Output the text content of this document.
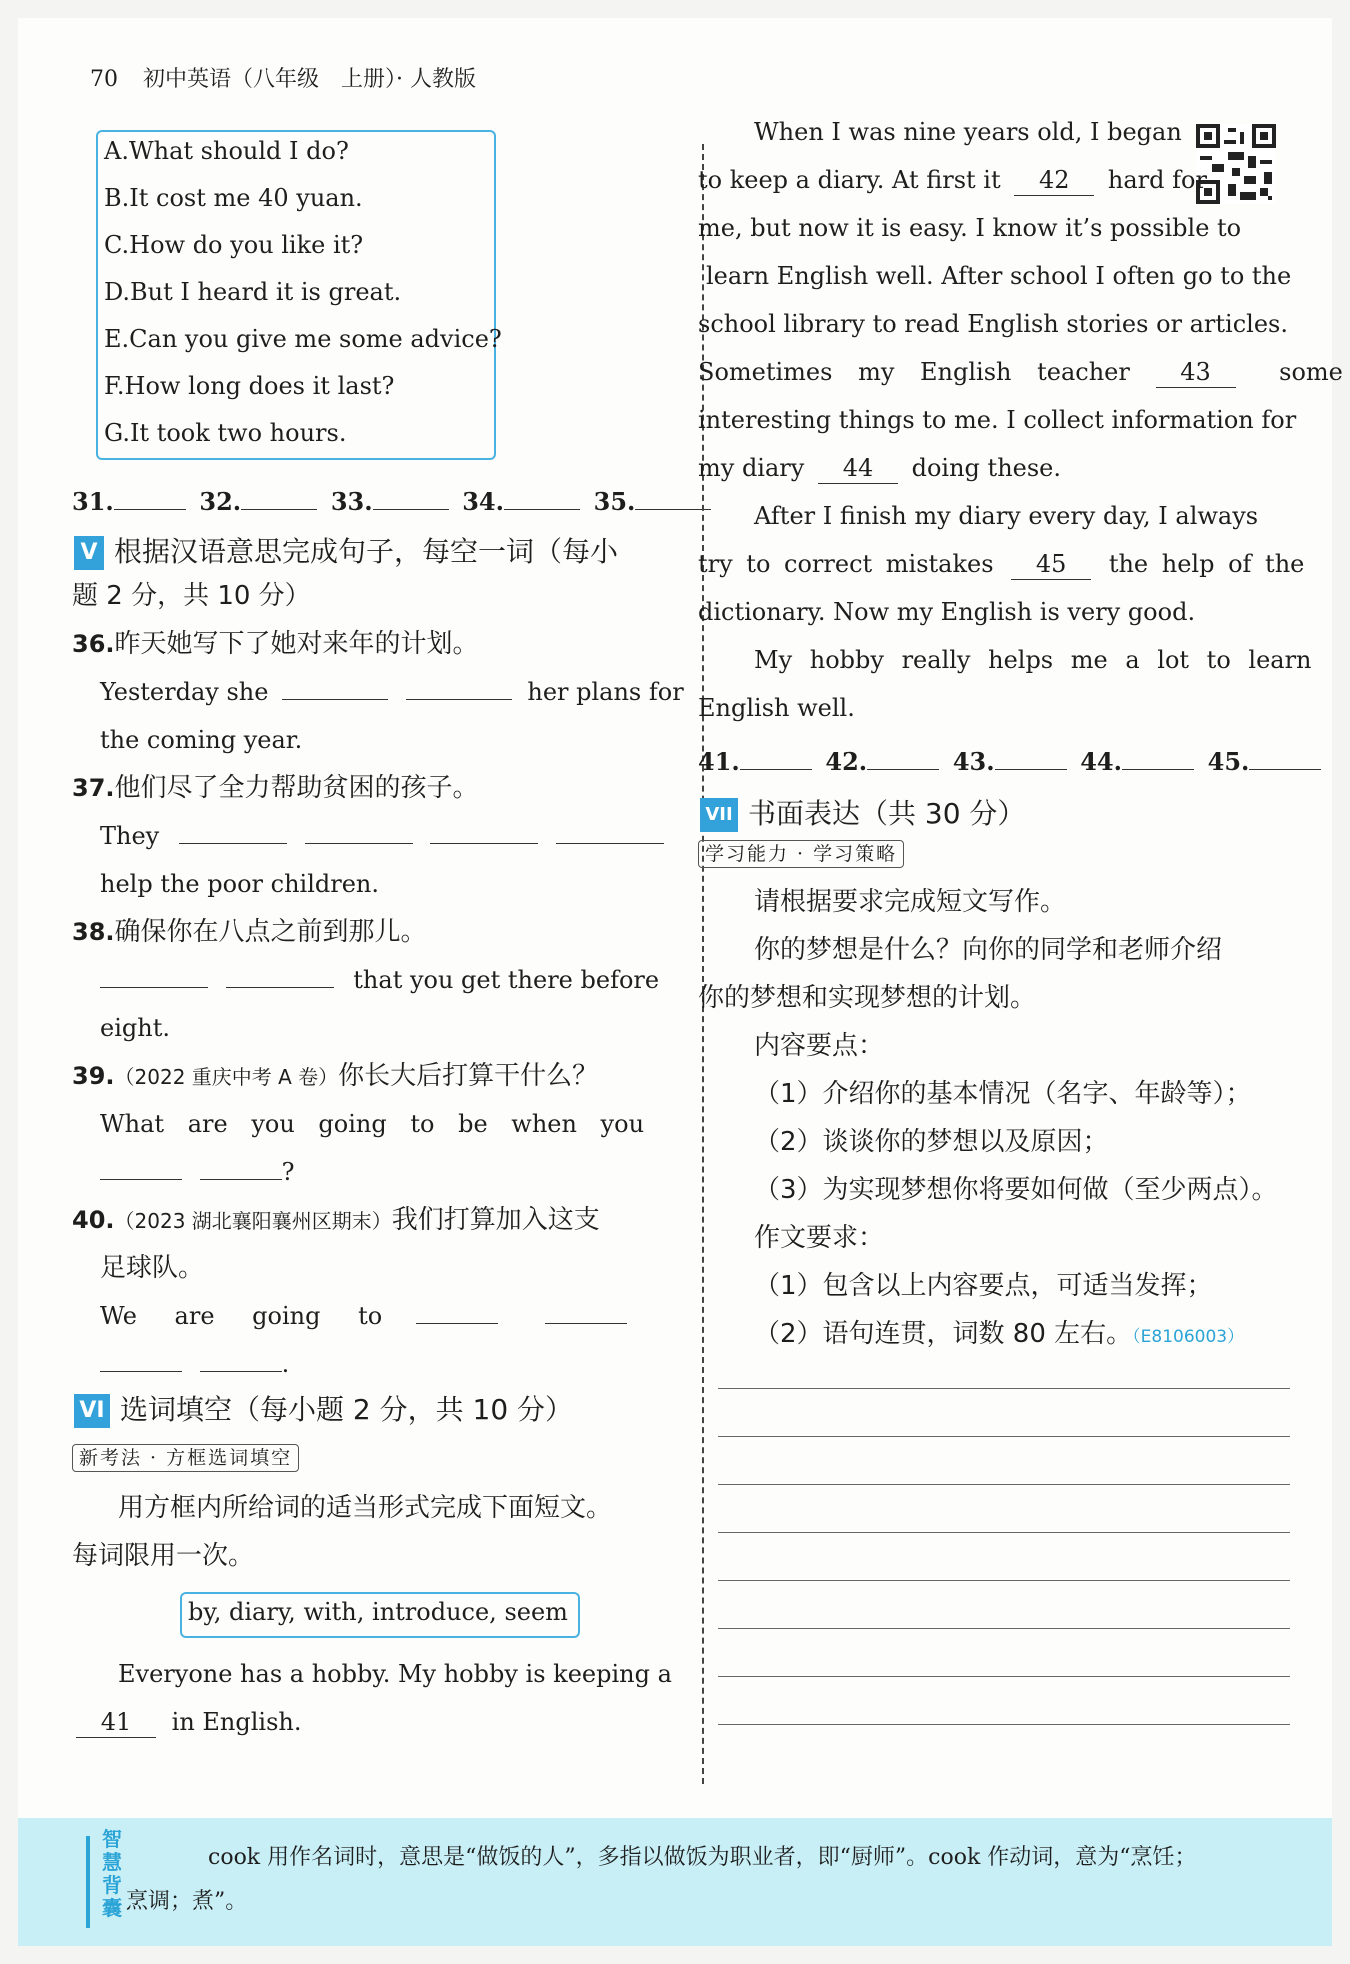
70 初中英语（八年级　上册）· 人教版
A.What should I do?
B.It cost me 40 yuan.
C.How do you like it?
D.But I heard it is great.
E.Can you give me some advice?
F.How long does it last?
G.It took two hours.
31.	32.	33.	34.	35.
V 根据汉语意思完成句子，每空一词（每小
题 2 分，共 10 分）
36.昨天她写下了她对来年的计划。
Yesterday she	her plans for
the coming year.
37.他们尽了全力帮助贫困的孩子。
They
help the poor children.
38.确保你在八点之前到那儿。
that you get there before
eight.
39.（2022 重庆中考 A 卷）你长大后打算干什么？
What are you going to be when you
?
40.（2023 湖北襄阳襄州区期末）我们打算加入这支
足球队。
We are going to
.
VI 选词填空（每小题 2 分，共 10 分）
新考法 · 方框选词填空
用方框内所给词的适当形式完成下面短文。
每词限用一次。
by, diary, with, introduce, seem
Everyone has a hobby. My hobby is keeping a
41 in English.
When I was nine years old, I began
to keep a diary. At first it 42 hard for
me, but now it is easy. I know it’s possible to
learn English well. After school I often go to the
school library to read English stories or articles.
Sometimes my English teacher 43	some
interesting things to me. I collect information for
my diary 44 doing these.
After I finish my diary every day, I always
try to correct mistakes 45 the help of the
dictionary. Now my English is very good.
My hobby really helps me a lot to learn
English well.
41.	42.	43.	44.	45.
VII 书面表达（共 30 分）
学习能力 · 学习策略
请根据要求完成短文写作。
你的梦想是什么？向你的同学和老师介绍
你的梦想和实现梦想的计划。
内容要点：
（1）介绍你的基本情况（名字、年龄等）；
（2）谈谈你的梦想以及原因；
（3）为实现梦想你将要如何做（至少两点）。
作文要求：
（1）包含以上内容要点，可适当发挥；
（2）语句连贯，词数 80 左右。（E8106003）
智慧背囊
cook 用作名词时，意思是“做饭的人”，多指以做饭为职业者，即“厨师”。cook 作动词，意为“烹饪；
烹调；煮”。
